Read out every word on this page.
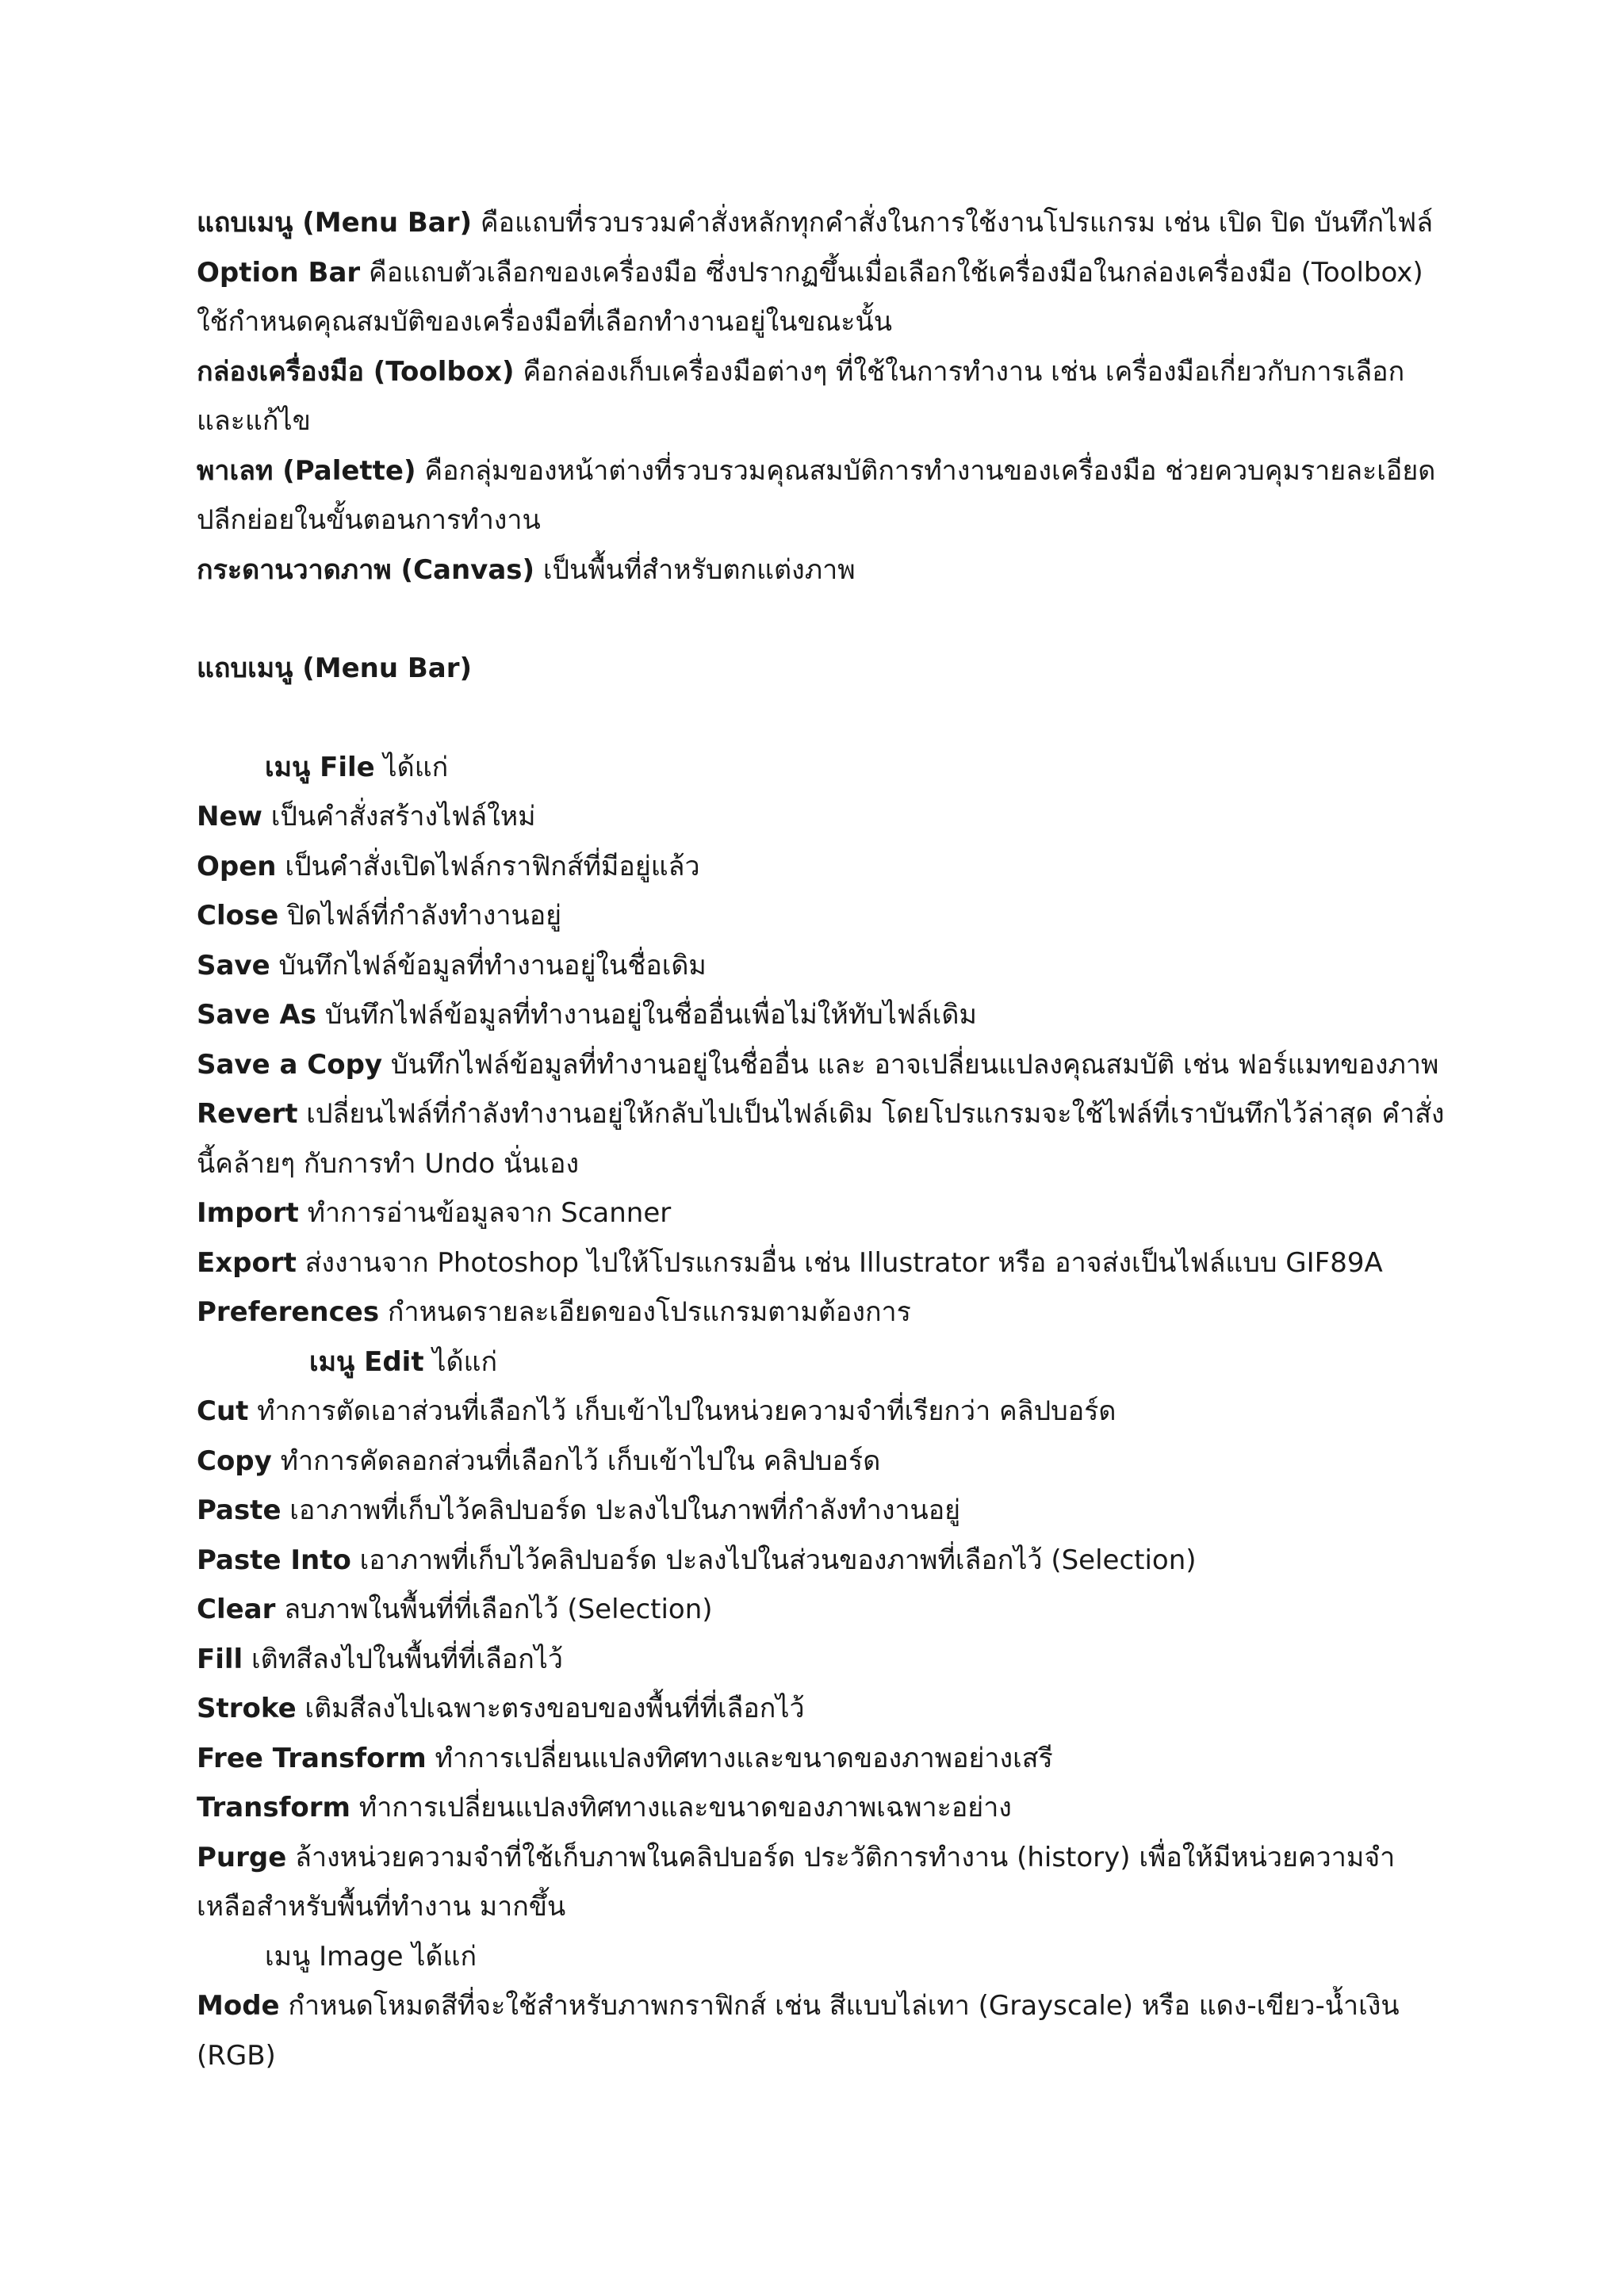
แถบเมนู (Menu Bar) คือแถบที่รวบรวมคำสั่งหลักทุกคำสั่งในการใช้งานโปรแกรม เช่น เปิด ปิด บันทึกไฟล์

Option Bar คือแถบตัวเลือกของเครื่องมือ ซึ่งปรากฏขึ้นเมื่อเลือกใช้เครื่องมือในกล่องเครื่องมือ (Toolbox) ใช้กำหนดคุณสมบัติของเครื่องมือที่เลือกทำงานอยู่ในขณะนั้น

กล่องเครื่องมือ (Toolbox) คือกล่องเก็บเครื่องมือต่างๆ ที่ใช้ในการทำงาน เช่น เครื่องมือเกี่ยวกับการเลือกและแก้ไข

พาเลท (Palette) คือกลุ่มของหน้าต่างที่รวบรวมคุณสมบัติการทำงานของเครื่องมือ ช่วยควบคุมรายละเอียดปลีกย่อยในขั้นตอนการทำงาน

กระดานวาดภาพ (Canvas) เป็นพื้นที่สำหรับตกแต่งภาพ

แถบเมนู (Menu Bar)

เมนู File ได้แก่

New เป็นคำสั่งสร้างไฟล์ใหม่

Open เป็นคำสั่งเปิดไฟล์กราฟิกส์ที่มีอยู่แล้ว

Close ปิดไฟล์ที่กำลังทำงานอยู่

Save บันทึกไฟล์ข้อมูลที่ทำงานอยู่ในชื่อเดิม

Save As บันทึกไฟล์ข้อมูลที่ทำงานอยู่ในชื่ออื่นเพื่อไม่ให้ทับไฟล์เดิม

Save a Copy บันทึกไฟล์ข้อมูลที่ทำงานอยู่ในชื่ออื่น และ อาจเปลี่ยนแปลงคุณสมบัติ เช่น ฟอร์แมทของภาพ

Revert เปลี่ยนไฟล์ที่กำลังทำงานอยู่ให้กลับไปเป็นไฟล์เดิม โดยโปรแกรมจะใช้ไฟล์ที่เราบันทึกไว้ล่าสุด คำสั่งนี้คล้ายๆ กับการทำ Undo นั่นเอง

Import ทำการอ่านข้อมูลจาก Scanner

Export ส่งงานจาก Photoshop ไปให้โปรแกรมอื่น เช่น Illustrator หรือ อาจส่งเป็นไฟล์แบบ GIF89A

Preferences กำหนดรายละเอียดของโปรแกรมตามต้องการ

เมนู Edit ได้แก่

Cut ทำการตัดเอาส่วนที่เลือกไว้ เก็บเข้าไปในหน่วยความจำที่เรียกว่า คลิปบอร์ด

Copy ทำการคัดลอกส่วนที่เลือกไว้ เก็บเข้าไปใน คลิปบอร์ด

Paste เอาภาพที่เก็บไว้คลิปบอร์ด ปะลงไปในภาพที่กำลังทำงานอยู่

Paste Into เอาภาพที่เก็บไว้คลิปบอร์ด ปะลงไปในส่วนของภาพที่เลือกไว้ (Selection)

Clear ลบภาพในพื้นที่ที่เลือกไว้ (Selection)

Fill เติทสีลงไปในพื้นที่ที่เลือกไว้

Stroke เติมสีลงไปเฉพาะตรงขอบของพื้นที่ที่เลือกไว้

Free Transform ทำการเปลี่ยนแปลงทิศทางและขนาดของภาพอย่างเสรี

Transform ทำการเปลี่ยนแปลงทิศทางและขนาดของภาพเฉพาะอย่าง

Purge ล้างหน่วยความจำที่ใช้เก็บภาพในคลิปบอร์ด ประวัติการทำงาน (history) เพื่อให้มีหน่วยความจำเหลือสำหรับพื้นที่ทำงาน มากขึ้น

เมนู Image ได้แก่

Mode กำหนดโหมดสีที่จะใช้สำหรับภาพกราฟิกส์ เช่น สีแบบไล่เทา (Grayscale) หรือ แดง-เขียว-น้ำเงิน (RGB)
